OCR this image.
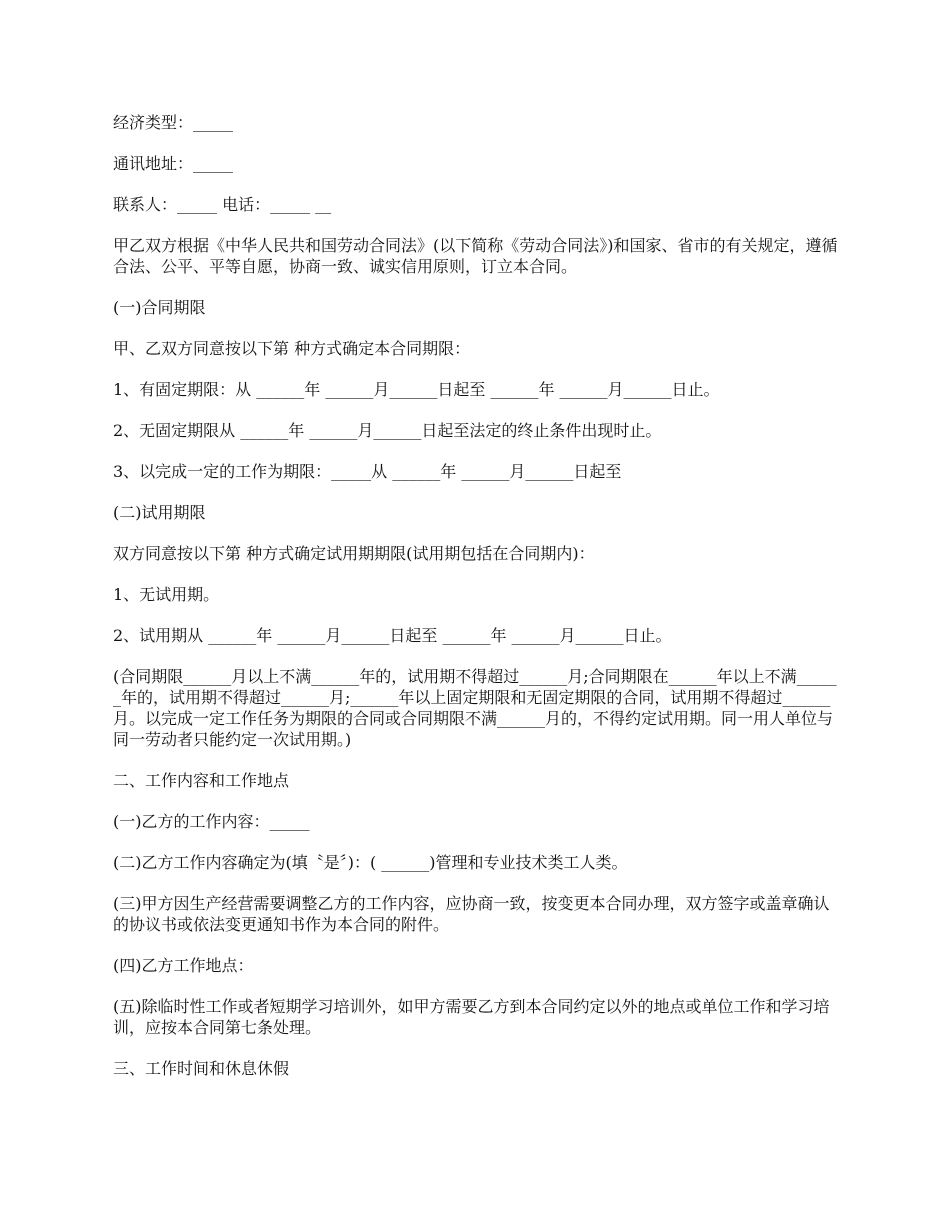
经济类型：_____

通讯地址：_____

联系人：_____ 电话：_____ __

甲乙双方根据《中华人民共和国劳动合同法》(以下简称《劳动合同法》)和国家、省市的有关规定，遵循合法、公平、平等自愿，协商一致、诚实信用原则，订立本合同。

(一)合同期限

甲、乙双方同意按以下第 种方式确定本合同期限：

1、有固定期限：从 ______年 ______月______日起至 ______年 ______月______日止。

2、无固定期限从 ______年 ______月______日起至法定的终止条件出现时止。

3、以完成一定的工作为期限：_____从 ______年 ______月______日起至

(二)试用期限

双方同意按以下第 种方式确定试用期期限(试用期包括在合同期内)：

1、无试用期。

2、试用期从 ______年 ______月______日起至 ______年 ______月______日止。

(合同期限______月以上不满______年的，试用期不得超过______月;合同期限在______年以上不满______年的，试用期不得超过______月;______年以上固定期限和无固定期限的合同，试用期不得超过______月。以完成一定工作任务为期限的合同或合同期限不满______月的，不得约定试用期。同一用人单位与同一劳动者只能约定一次试用期。)

二、工作内容和工作地点

(一)乙方的工作内容：_____

(二)乙方工作内容确定为(填〝是〞)：( ______)管理和专业技术类工人类。

(三)甲方因生产经营需要调整乙方的工作内容，应协商一致，按变更本合同办理，双方签字或盖章确认的协议书或依法变更通知书作为本合同的附件。

(四)乙方工作地点：

(五)除临时性工作或者短期学习培训外，如甲方需要乙方到本合同约定以外的地点或单位工作和学习培训，应按本合同第七条处理。

三、工作时间和休息休假
